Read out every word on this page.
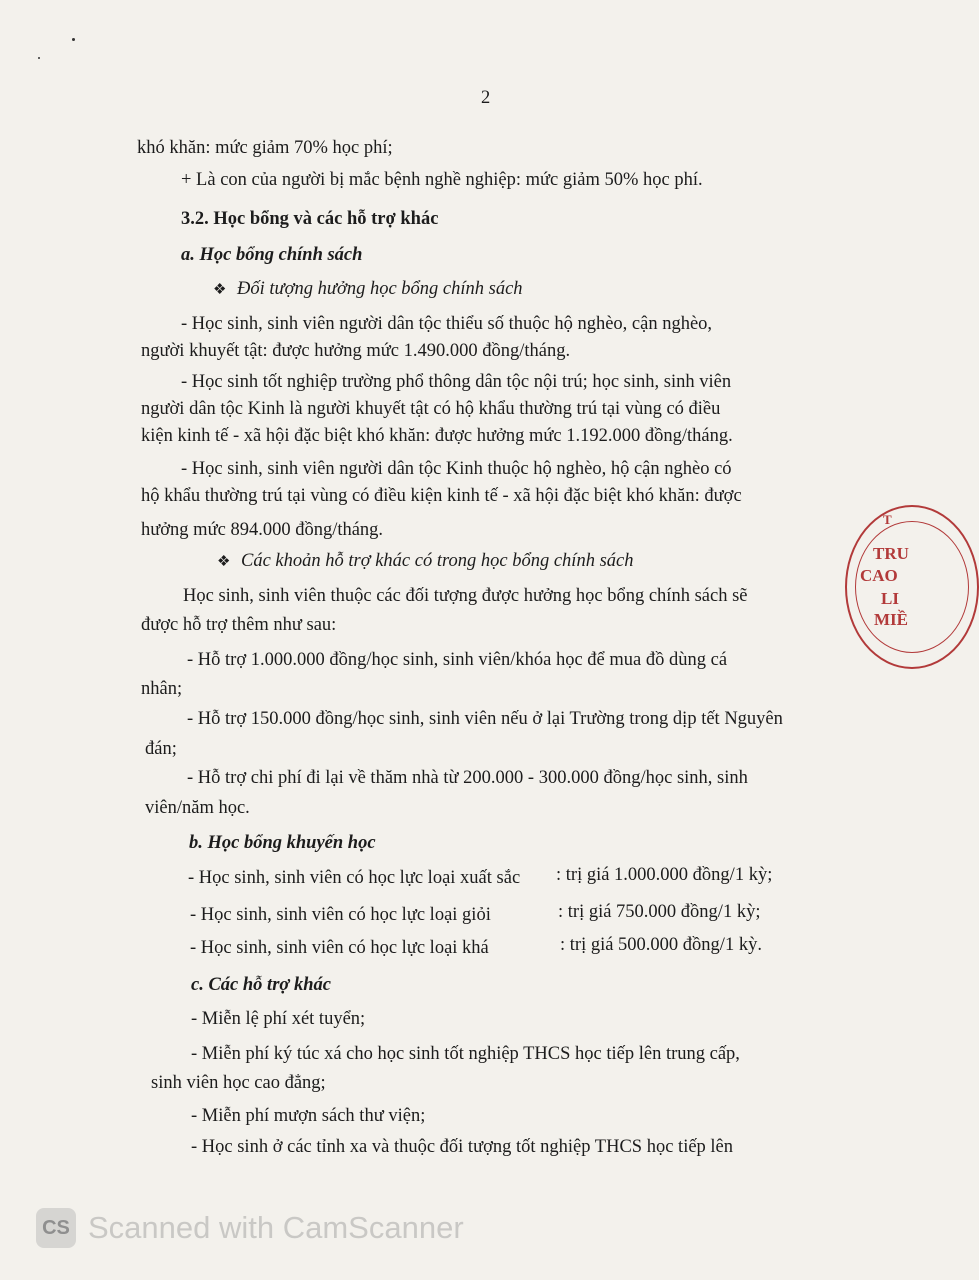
2
khó khăn: mức giảm 70% học phí;
+ Là con của người bị mắc bệnh nghề nghiệp: mức giảm 50% học phí.
3.2. Học bổng và các hỗ trợ khác
a. Học bổng chính sách
❖ Đối tượng hưởng học bổng chính sách
- Học sinh, sinh viên người dân tộc thiểu số thuộc hộ nghèo, cận nghèo,
người khuyết tật: được hưởng mức 1.490.000 đồng/tháng.
- Học sinh tốt nghiệp trường phổ thông dân tộc nội trú; học sinh, sinh viên
người dân tộc Kinh là người khuyết tật có hộ khẩu thường trú tại vùng có điều
kiện kinh tế - xã hội đặc biệt khó khăn: được hưởng mức 1.192.000 đồng/tháng.
- Học sinh, sinh viên người dân tộc Kinh thuộc hộ nghèo, hộ cận nghèo có
hộ khẩu thường trú tại vùng có điều kiện kinh tế - xã hội đặc biệt khó khăn: được
hưởng mức 894.000 đồng/tháng.
❖ Các khoản hỗ trợ khác có trong học bổng chính sách
Học sinh, sinh viên thuộc các đối tượng được hưởng học bổng chính sách sẽ
được hỗ trợ thêm như sau:
- Hỗ trợ 1.000.000 đồng/học sinh, sinh viên/khóa học để mua đồ dùng cá
nhân;
- Hỗ trợ 150.000 đồng/học sinh, sinh viên nếu ở lại Trường trong dịp tết Nguyên
đán;
- Hỗ trợ chi phí đi lại về thăm nhà từ 200.000 - 300.000 đồng/học sinh, sinh
viên/năm học.
b. Học bổng khuyến học
- Học sinh, sinh viên có học lực loại xuất sắc : trị giá 1.000.000 đồng/1 kỳ;
- Học sinh, sinh viên có học lực loại giỏi	: trị giá 750.000 đồng/1 kỳ;
- Học sinh, sinh viên có học lực loại khá	: trị giá 500.000 đồng/1 kỳ.
c. Các hỗ trợ khác
- Miễn lệ phí xét tuyển;
- Miễn phí ký túc xá cho học sinh tốt nghiệp THCS học tiếp lên trung cấp,
sinh viên học cao đẳng;
- Miễn phí mượn sách thư viện;
- Học sinh ở các tỉnh xa và thuộc đối tượng tốt nghiệp THCS học tiếp lên
T
TRU
CAO
LI
MIỀ
CS Scanned with CamScanner
